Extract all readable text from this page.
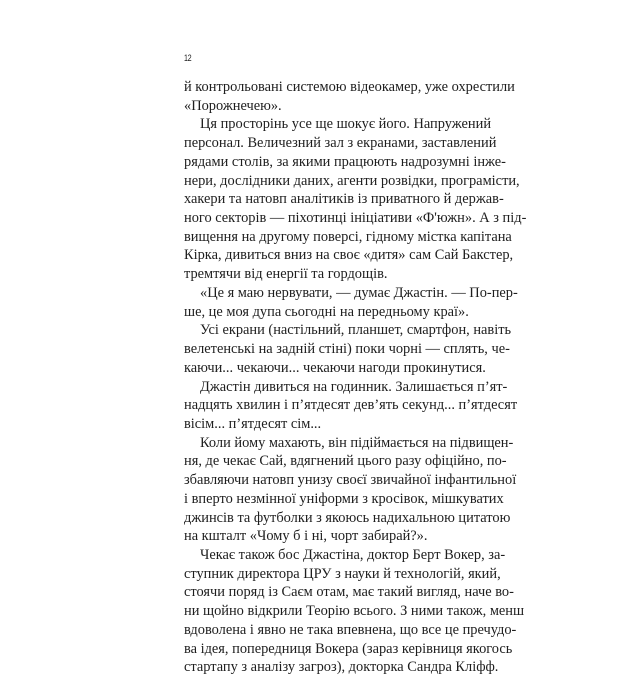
12
й контрольовані системою відеокамер, уже охрестили
«Порожнечею».
Ця просторінь усе ще шокує його. Напружений
персонал. Величезний зал з екранами, заставлений
рядами столів, за якими працюють надрозумні інже-
нери, дослідники даних, агенти розвідки, програмісти,
хакери та натовп аналітиків із приватного й держав-
ного секторів — піхотинці ініціативи «Ф'южн». А з під-
вищення на другому поверсі, гідному містка капітана
Кірка, дивиться вниз на своє «дитя» сам Сай Бакстер,
тремтячи від енергії та гордощів.
«Це я маю нервувати, — думає Джастін. — По-пер-
ше, це моя дупа сьогодні на передньому краї».
Усі екрани (настільний, планшет, смартфон, навіть
велетенські на задній стіні) поки чорні — сплять, че-
каючи... чекаючи... чекаючи нагоди прокинутися.
Джастін дивиться на годинник. Залишається п’ят-
надцять хвилин і п’ятдесят дев’ять секунд... п’ятдесят
вісім... п’ятдесят сім...
Коли йому махають, він підіймається на підвищен-
ня, де чекає Сай, вдягнений цього разу офіційно, по-
збавляючи натовп унизу своєї звичайної інфантильної
і вперто незмінної уніформи з кросівок, мішкуватих
джинсів та футболки з якоюсь надихальною цитатою
на кшталт «Чому б і ні, чорт забирай?».
Чекає також бос Джастіна, доктор Берт Вокер, за-
ступник директора ЦРУ з науки й технологій, який,
стоячи поряд із Саєм отам, має такий вигляд, наче во-
ни щойно відкрили Теорію всього. З ними також, менш
вдоволена і явно не така впевнена, що все це пречудо-
ва ідея, попередниця Вокера (зараз керівниця якогось
стартапу з аналізу загроз), докторка Сандра Кліфф.
